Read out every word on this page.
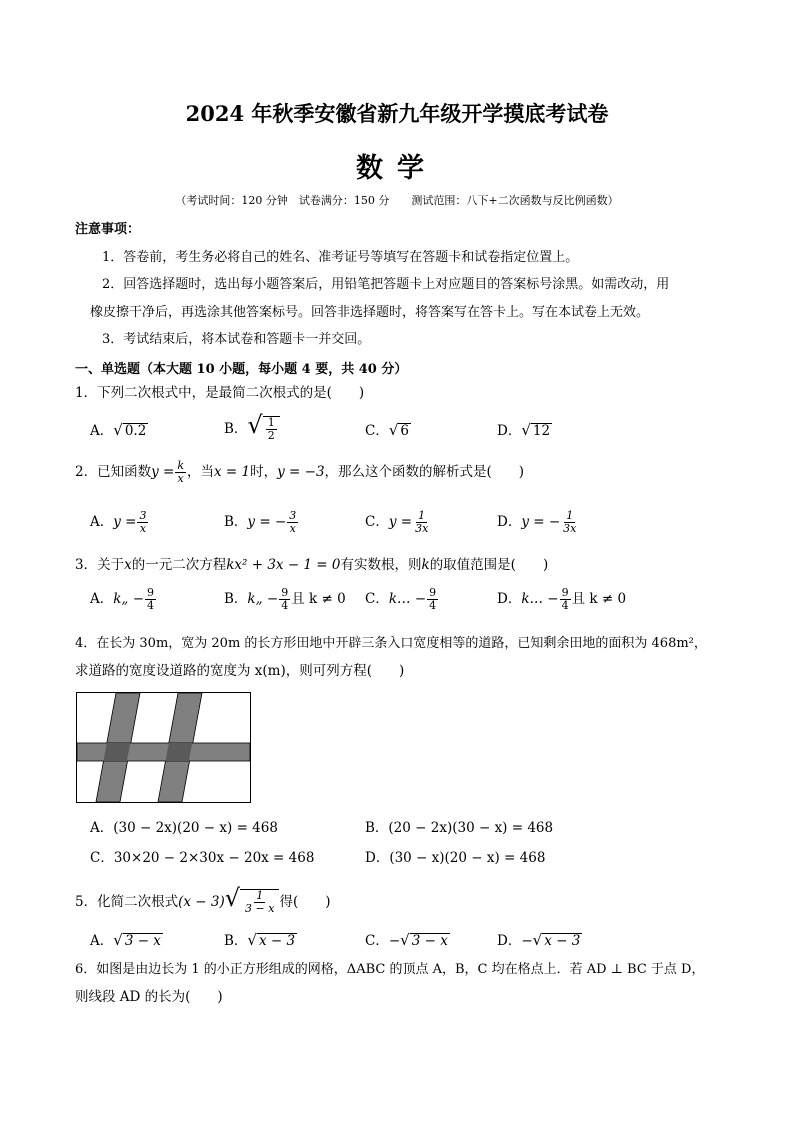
2024 年秋季安徽省新九年级开学摸底考试卷
数学
（考试时间：120 分钟　试卷满分：150 分　　测试范围：八下+二次函数与反比例函数）
注意事项：
1．答卷前，考生务必将自己的姓名、准考证号等填写在答题卡和试卷指定位置上。
2．回答选择题时，选出每小题答案后，用铅笔把答题卡上对应题目的答案标号涂黑。如需改动，用
橡皮擦干净后，再选涂其他答案标号。回答非选择题时，将答案写在答卡上。写在本试卷上无效。
3．考试结束后，将本试卷和答题卡一并交回。
一、单选题（本大题 10 小题，每小题 4 要，共 40 分）
1．下列二次根式中，是最简二次根式的是(　　)
A．√ 0.2	B．√ $\frac{1}{2}$	C．√ 6	D．√ 12
2．已知函数$y = \frac{k}{x}$ ，当x = 1时，y = −3，那么这个函数的解析式是(　　)
A．$y = \frac{3}{x}$	B．y = − $\frac{3}{x}$	C．$y = \frac{1}{3x}$	D．y = − $\frac{1}{3x}$
3．关于x的一元二次方程kx² + 3x − 1 = 0有实数根，则k的取值范围是(　　)
A．k„ − $\frac{9}{4}$	B．k„ − $\frac{9}{4}$ 且 k ≠ 0 C．k… − $\frac{9}{4}$	D．k… − $\frac{9}{4}$ 且 k ≠ 0
4．在长为 30m，宽为 20m 的长方形田地中开辟三条入口宽度相等的道路，已知剩余田地的面积为 468m²，
求道路的宽度设道路的宽度为 x(m)，则可列方程(　　)
A．(30 − 2x)(20 − x) = 468	B．(20 − 2x)(30 − x) = 468
C．30×20 − 2×30x − 20x = 468	D．(30 − x)(20 − x) = 468
5．化简二次根式$(x - 3)√ \frac{1}{3 - x}$ 得(　　)
A．√ 3 − x	B．√ x − 3	C．−√ 3 − x	D．−√ x − 3
6．如图是由边长为 1 的小正方形组成的网格，ΔABC 的顶点 A，B，C 均在格点上．若 AD ⊥ BC 于点 D，
则线段 AD 的长为(　　)
